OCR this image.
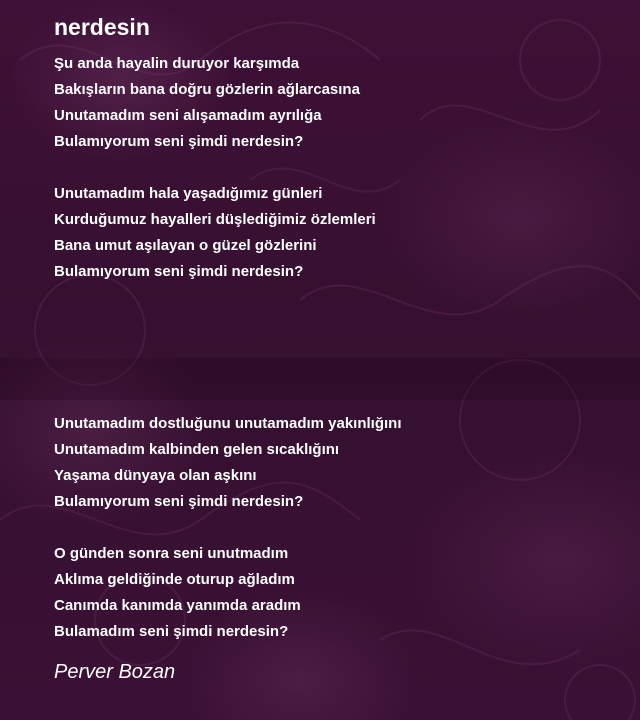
nerdesin
Şu anda hayalin duruyor karşımda
Bakışların bana doğru gözlerin ağlarcasına
Unutamadım seni alışamadım ayrılığa
Bulamıyorum seni şimdi nerdesin?
Unutamadım hala yaşadığımız günleri
Kurduğumuz hayalleri düşlediğimiz özlemleri
Bana umut aşılayan o güzel gözlerini
Bulamıyorum seni şimdi nerdesin?
Unutamadım dostluğunu unutamadım yakınlığını
Unutamadım kalbinden gelen sıcaklığını
Yaşama dünyaya olan aşkını
Bulamıyorum seni şimdi nerdesin?
O günden sonra seni unutmadım
Aklıma geldiğinde oturup ağladım
Canımda kanımda yanımda aradım
Bulamadım seni şimdi nerdesin?
Perver Bozan
